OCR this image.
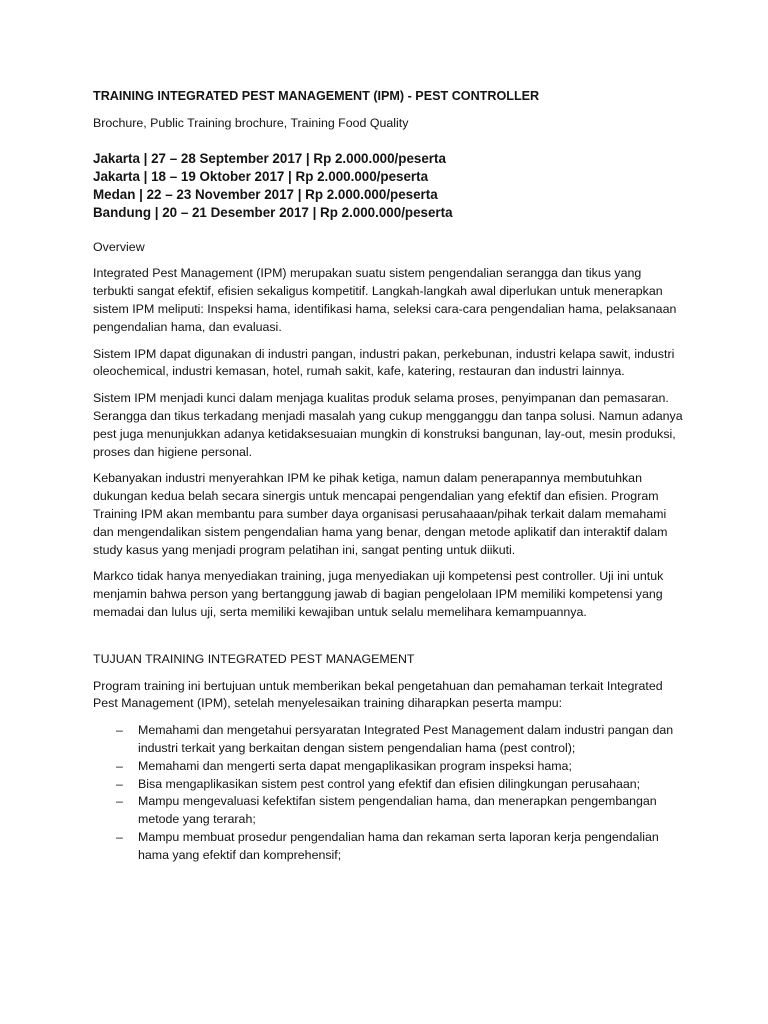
TRAINING INTEGRATED PEST MANAGEMENT (IPM) - PEST CONTROLLER
Brochure, Public Training brochure, Training Food Quality
Jakarta | 27 – 28 September 2017 | Rp 2.000.000/peserta
Jakarta | 18 – 19 Oktober 2017 | Rp 2.000.000/peserta
Medan | 22 – 23 November 2017 | Rp 2.000.000/peserta
Bandung | 20 – 21 Desember 2017 | Rp 2.000.000/peserta
Overview
Integrated Pest Management (IPM) merupakan suatu sistem pengendalian serangga dan tikus yang terbukti sangat efektif, efisien sekaligus kompetitif. Langkah-langkah awal diperlukan untuk menerapkan sistem IPM meliputi: Inspeksi hama, identifikasi hama, seleksi cara-cara pengendalian hama, pelaksanaan pengendalian hama, dan evaluasi.
Sistem IPM dapat digunakan di industri pangan, industri pakan, perkebunan, industri kelapa sawit, industri oleochemical, industri kemasan, hotel, rumah sakit, kafe, katering, restauran dan industri lainnya.
Sistem IPM menjadi kunci dalam menjaga kualitas produk selama proses, penyimpanan dan pemasaran. Serangga dan tikus terkadang menjadi masalah yang cukup mengganggu dan tanpa solusi. Namun adanya pest juga menunjukkan adanya ketidaksesuaian mungkin di konstruksi bangunan, lay-out, mesin produksi, proses dan higiene personal.
Kebanyakan industri menyerahkan IPM ke pihak ketiga, namun dalam penerapannya membutuhkan dukungan kedua belah secara sinergis untuk mencapai pengendalian yang efektif dan efisien. Program Training IPM akan membantu para sumber daya organisasi perusahaaan/pihak terkait dalam memahami dan mengendalikan sistem pengendalian hama yang benar, dengan metode aplikatif dan interaktif dalam study kasus yang menjadi program pelatihan ini, sangat penting untuk diikuti.
Markco tidak hanya menyediakan training, juga menyediakan uji kompetensi pest controller. Uji ini untuk menjamin bahwa person yang bertanggung jawab di bagian pengelolaan IPM memiliki kompetensi yang memadai dan lulus uji, serta memiliki kewajiban untuk selalu memelihara kemampuannya.
TUJUAN TRAINING INTEGRATED PEST MANAGEMENT
Program training ini bertujuan untuk memberikan bekal pengetahuan dan pemahaman terkait Integrated Pest Management (IPM), setelah menyelesaikan training diharapkan peserta mampu:
– Memahami dan mengetahui persyaratan Integrated Pest Management dalam industri pangan dan industri terkait yang berkaitan dengan sistem pengendalian hama (pest control);
– Memahami dan mengerti serta dapat mengaplikasikan program inspeksi hama;
– Bisa mengaplikasikan sistem pest control yang efektif dan efisien dilingkungan perusahaan;
– Mampu mengevaluasi kefektifan sistem pengendalian hama, dan menerapkan pengembangan metode yang terarah;
– Mampu membuat prosedur pengendalian hama dan rekaman serta laporan kerja pengendalian hama yang efektif dan komprehensif;
